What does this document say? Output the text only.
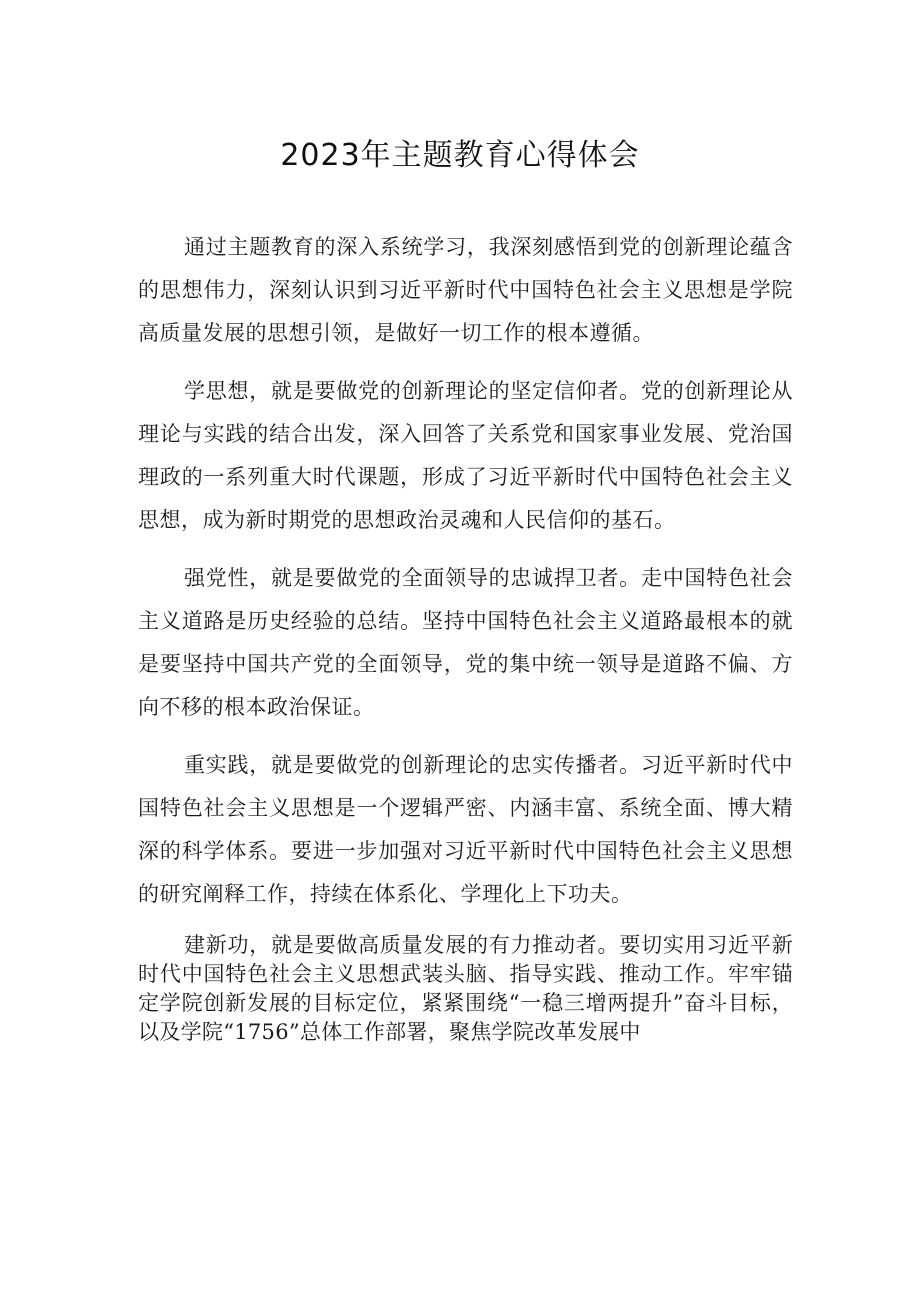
2023年主题教育心得体会

通过主题教育的深入系统学习，我深刻感悟到党的创新理论蕴含的思想伟力，深刻认识到习近平新时代中国特色社会主义思想是学院高质量发展的思想引领，是做好一切工作的根本遵循。

学思想，就是要做党的创新理论的坚定信仰者。党的创新理论从理论与实践的结合出发，深入回答了关系党和国家事业发展、党治国理政的一系列重大时代课题，形成了习近平新时代中国特色社会主义思想，成为新时期党的思想政治灵魂和人民信仰的基石。

强党性，就是要做党的全面领导的忠诚捍卫者。走中国特色社会主义道路是历史经验的总结。坚持中国特色社会主义道路最根本的就是要坚持中国共产党的全面领导，党的集中统一领导是道路不偏、方向不移的根本政治保证。

重实践，就是要做党的创新理论的忠实传播者。习近平新时代中国特色社会主义思想是一个逻辑严密、内涵丰富、系统全面、博大精深的科学体系。要进一步加强对习近平新时代中国特色社会主义思想的研究阐释工作，持续在体系化、学理化上下功夫。

建新功，就是要做高质量发展的有力推动者。要切实用习近平新时代中国特色社会主义思想武装头脑、指导实践、推动工作。牢牢锚定学院创新发展的目标定位，紧紧围绕“一稳三增两提升”奋斗目标，以及学院“1756”总体工作部署，聚焦学院改革发展中
